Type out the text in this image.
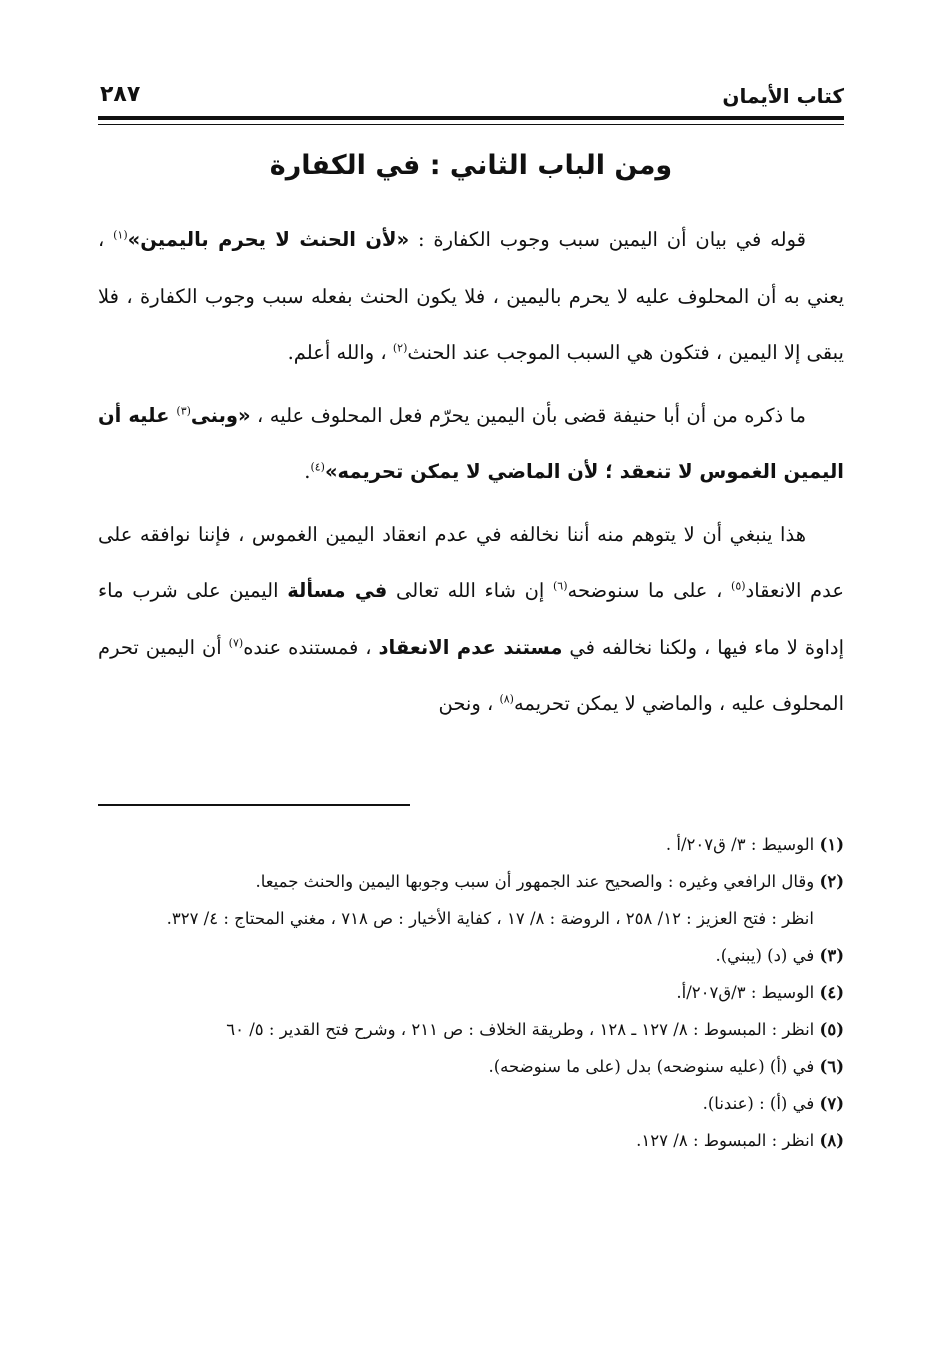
كتاب الأيمان
٢٨٧
ومن الباب الثاني : في الكفارة

قوله في بيان أن اليمين سبب وجوب الكفارة : «لأن الحنث لا يحرم باليمين»$^{(١)}$ ، يعني به أن المحلوف عليه لا يحرم باليمين ، فلا يكون الحنث بفعله سبب وجوب الكفارة ، فلا يبقى إلا اليمين ، فتكون هي السبب الموجب عند الحنث$^{(٢)}$ ، والله أعلم.

ما ذكره من أن أبا حنيفة قضى بأن اليمين يحرّم فعل المحلوف عليه ، «وبنى$^{(٣)}$ عليه أن اليمين الغموس لا تنعقد ؛ لأن الماضي لا يمكن تحريمه»$^{(٤)}$.

هذا ينبغي أن لا يتوهم منه أننا نخالفه في عدم انعقاد اليمين الغموس ، فإننا نوافقه على عدم الانعقاد$^{(٥)}$ ، على ما سنوضحه$^{(٦)}$ إن شاء الله تعالى في مسألة اليمين على شرب ماء إداوة لا ماء فيها ، ولكنا نخالفه في مستند عدم الانعقاد ، فمستنده عنده$^{(٧)}$ أن اليمين تحرم المحلوف عليه ، والماضي لا يمكن تحريمه$^{(٨)}$ ، ونحن

(١) الوسيط : ٣/ ق٢٠٧/أ .

(٢) وقال الرافعي وغيره : والصحيح عند الجمهور أن سبب وجوبها اليمين والحنث جميعا.

انظر : فتح العزيز : ١٢/ ٢٥٨ ، الروضة : ٨/ ١٧ ، كفاية الأخيار : ص ٧١٨ ، مغني المحتاج : ٤/ ٣٢٧.

(٣) في (د) (يبني).

(٤) الوسيط : ٣/ق٢٠٧/أ.

(٥) انظر : المبسوط : ٨/ ١٢٧ ـ ١٢٨ ، وطريقة الخلاف : ص ٢١١ ، وشرح فتح القدير : ٥/ ٦٠

(٦) في (أ) (عليه سنوضحه) بدل (على ما سنوضحه).

(٧) في (أ) : (عندنا).

(٨) انظر : المبسوط : ٨/ ١٢٧.
